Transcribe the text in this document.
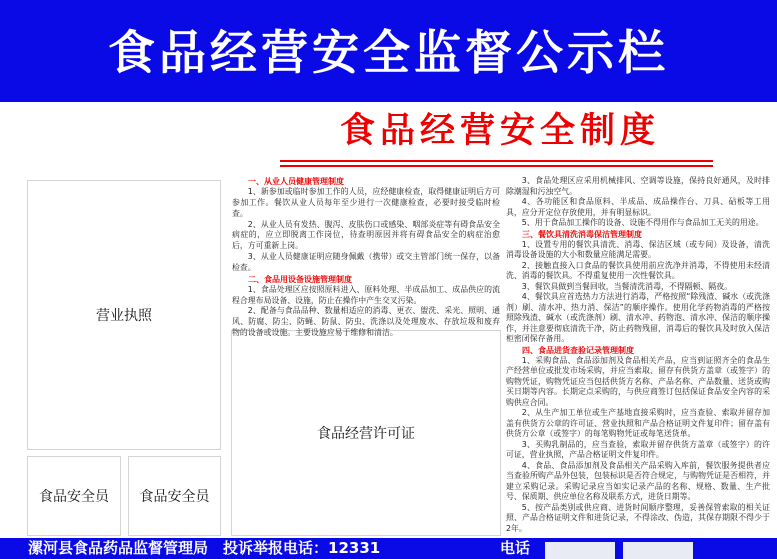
食品经营安全监督公示栏
食品经营安全制度
营业执照
食品安全员 食品安全员
食品经营许可证
一、从业人员健康管理制度

1、新参加或临时参加工作的人员，应经健康检查，取得健康证明后方可参加工作。餐饮从业人员每年至少进行一次健康检查，必要时接受临时检查。

2、从业人员有发热、腹泻、皮肤伤口或感染、咽部炎症等有碍食品安全病症的，应立即脱离工作岗位，待查明原因并将有碍食品安全的病症治愈后，方可重新上岗。

3、从业人员健康证明应随身佩戴（携带）或交主管部门统一保存，以备检查。

二、食品用设备设施管理制度

1、食品处理区应按照原料进入、原料处理、半成品加工、成品供应的流程合理布局设备、设施，防止在操作中产生交叉污染。

2、配备与食品品种、数量相适应的消毒、更衣、盥洗、采光、照明、通风、防腐、防尘、防蝇、防鼠、防虫、洗涤以及处理废水、存放垃圾和废弃物的设备或设施。主要设施应易于维修和清洁。

3、食品处理区应采用机械排风、空调等设施，保持良好通风，及时排除潮湿和污浊空气。

4、各功能区和食品原料、半成品、成品操作台、刀具、砧板等工用具，应分开定位存放使用，并有明显标识。

5、用于食品加工操作的设备、设施不得用作与食品加工无关的用途。

三、餐饮具清洗消毒保洁管理制度

1、设置专用的餐饮具清洗、消毒、保洁区域（或专间）及设备，清洗消毒设备设施的大小和数量应能满足需要。

2、接触直接入口食品的餐饮具使用前应洗净并消毒，不得使用未经清洗、消毒的餐饮具。不得重复使用一次性餐饮具。

3、餐饮具做到当餐回收，当餐清洗消毒，不得隔顿、隔夜。

4、餐饮具应首选热力方法进行消毒，严格按照“除残渣、碱水（或洗涤剂）刷、清水冲、热力消、保洁”的顺序操作。使用化学药物消毒的严格按照除残渣、碱水（或洗涤剂）刷、清水冲、药物泡、清水冲、保洁的顺序操作，并注意要彻底清洗干净，防止药物残留，消毒后的餐饮具及时放入保洁柜密闭保存备用。

四、食品进货查验记录管理制度

1、采购食品、食品添加剂及食品相关产品，应当到证照齐全的食品生产经营单位或批发市场采购，并应当索取、留存有供货方盖章（或签字）的购物凭证，购物凭证应当包括供货方名称、产品名称、产品数量、送货或购买日期等内容。长期定点采购的，与供应商签订包括保证食品安全内容的采购供应合同。

2、从生产加工单位或生产基地直接采购时，应当查验、索取并留存加盖有供货方公章的许可证、营业执照和产品合格证明文件复印件；留存盖有供货方公章（或签字）的每笔购物凭证或每笔送货单。

3、买购乳制品的，应当查验，索取并留存供货方盖章（或签字）的许可证，营业执照，产品合格证明文件复印件。

4、食品、食品添加剂及食品相关产品采购入库前，餐饮服务提供者应当查验所购产品外包装，包装标识是否符合规定，与购物凭证是否相符，并建立采购记录。采购记录应当如实记录产品的名称、规格、数量、生产批号、保质期、供应单位名称及联系方式，进货日期等。

5、按产品类别或供应商、进货时间顺序整理，妥善保管索取的相关证照、产品合格证明文件和进货记录，不得涂改、伪造，其保存期限不得少于2年。

漯河县食品药品监督管理局　投诉举报电话：12331	电话
